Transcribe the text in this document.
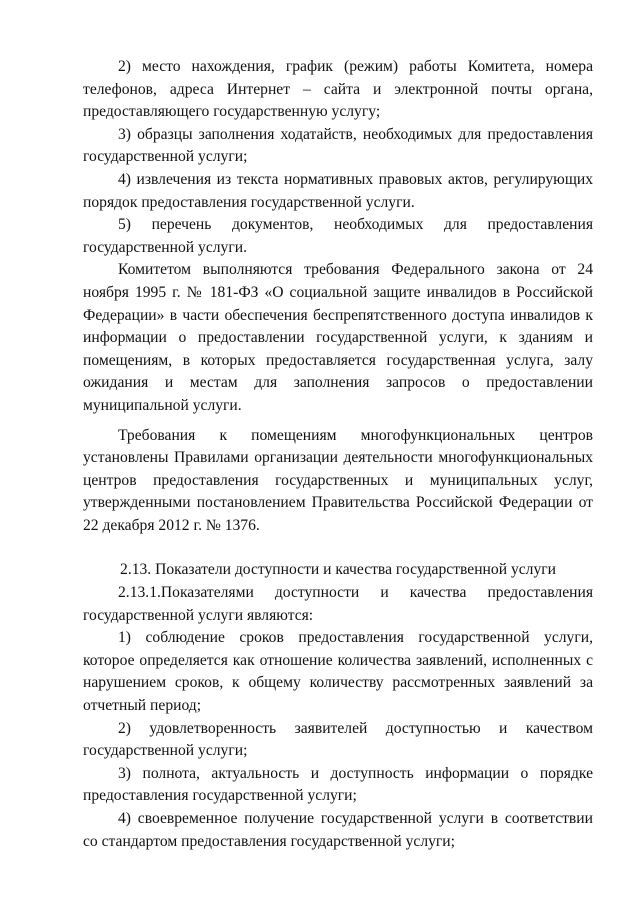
2) место нахождения, график (режим) работы Комитета, номера телефонов, адреса Интернет – сайта и электронной почты органа, предоставляющего государственную услугу;

3) образцы заполнения ходатайств, необходимых для предоставления государственной услуги;

4) извлечения из текста нормативных правовых актов, регулирующих порядок предоставления государственной услуги.

5) перечень документов, необходимых для предоставления государственной услуги.

Комитетом выполняются требования Федерального закона от 24 ноября 1995 г. № 181-ФЗ «О социальной защите инвалидов в Российской Федерации» в части обеспечения беспрепятственного доступа инвалидов к информации о предоставлении государственной услуги, к зданиям и помещениям, в которых предоставляется государственная услуга, залу ожидания и местам для заполнения запросов о предоставлении муниципальной услуги.

Требования к помещениям многофункциональных центров установлены Правилами организации деятельности многофункциональных центров предоставления государственных и муниципальных услуг, утвержденными постановлением Правительства Российской Федерации от 22 декабря 2012 г. № 1376.

2.13. Показатели доступности и качества государственной услуги

2.13.1.Показателями доступности и качества предоставления государственной услуги являются:

1) соблюдение сроков предоставления государственной услуги, которое определяется как отношение количества заявлений, исполненных с нарушением сроков, к общему количеству рассмотренных заявлений за отчетный период;

2) удовлетворенность заявителей доступностью и качеством государственной услуги;

3) полнота, актуальность и доступность информации о порядке предоставления государственной услуги;

4) своевременное получение государственной услуги в соответствии со стандартом предоставления государственной услуги;
